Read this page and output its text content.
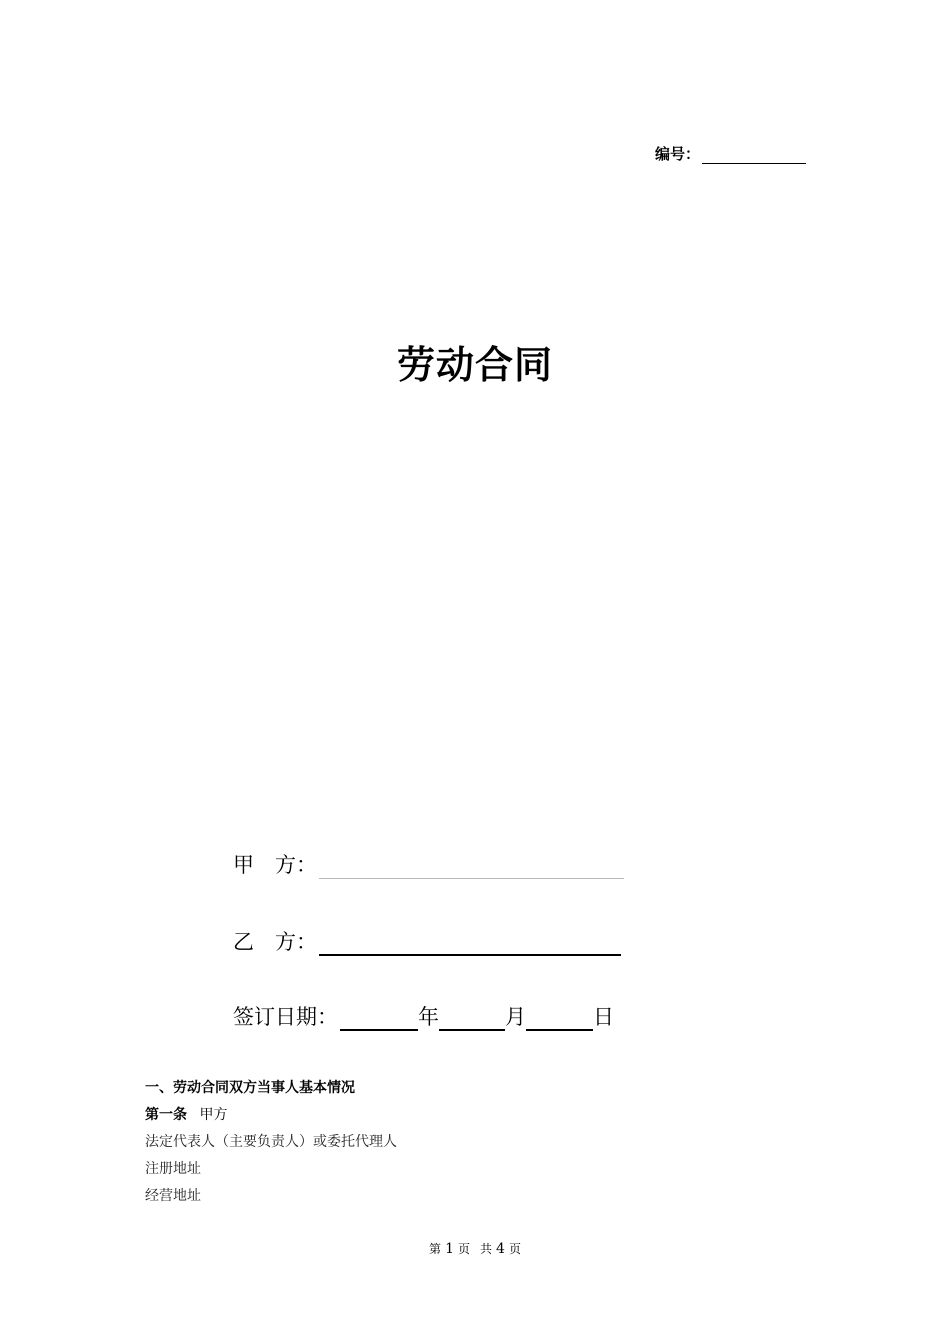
编号：
劳动合同
甲　方：
乙　方：
签订日期：	年	月	日
一、劳动合同双方当事人基本情况
第一条 甲方
法定代表人（主要负责人）或委托代理人
注册地址
经营地址
第 1 页 共 4 页
